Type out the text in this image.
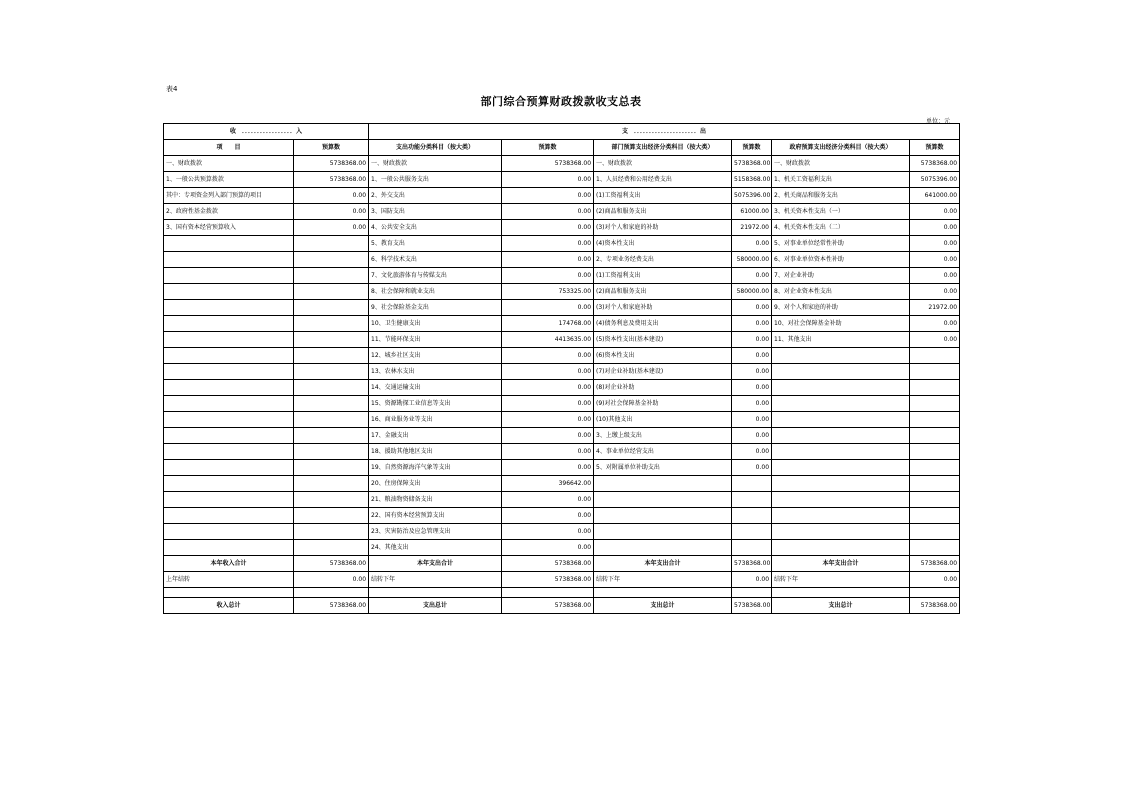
表4
部门综合预算财政拨款收支总表
单位：元
收　．．．．．．．．．．．．．．．．．入		支　．．．．．．．．．．．．．．．．．．．．．出					
项　　目	预算数	支出功能分类科目（按大类）	预算数	部门预算支出经济分类科目（按大类）	预算数	政府预算支出经济分类科目（按大类）	预算数
一、财政拨款	5738368.00	一、财政拨款	5738368.00	一、财政拨款	5738368.00	一、财政拨款	5738368.00
1、一般公共预算拨款	5738368.00	1、一般公共服务支出	0.00	1、人员经费和公用经费支出	5158368.00	1、机关工资福利支出	5075396.00
其中：专项资金列入部门预算的项目	0.00	2、外交支出	0.00	(1)工资福利支出	5075396.00	2、机关商品和服务支出	641000.00
2、政府性基金拨款	0.00	3、国防支出	0.00	(2)商品和服务支出	61000.00	3、机关资本性支出（一）	0.00
3、国有资本经营预算收入	0.00	4、公共安全支出	0.00	(3)对个人和家庭的补助	21972.00	4、机关资本性支出（二）	0.00
		5、教育支出	0.00	(4)资本性支出	0.00	5、对事业单位经常性补助	0.00
		6、科学技术支出	0.00	2、专项业务经费支出	580000.00	6、对事业单位资本性补助	0.00
		7、文化旅游体育与传媒支出	0.00	(1)工资福利支出	0.00	7、对企业补助	0.00
		8、社会保障和就业支出	753325.00	(2)商品和服务支出	580000.00	8、对企业资本性支出	0.00
		9、社会保险基金支出	0.00	(3)对个人和家庭补助	0.00	9、对个人和家庭的补助	21972.00
		10、卫生健康支出	174768.00	(4)债务利息及费用支出	0.00	10、对社会保障基金补助	0.00
		11、节能环保支出	4413635.00	(5)资本性支出(基本建设)	0.00	11、其他支出	0.00
		12、城乡社区支出	0.00	(6)资本性支出	0.00		
		13、农林水支出	0.00	(7)对企业补助(基本建设)	0.00		
		14、交通运输支出	0.00	(8)对企业补助	0.00		
		15、资源勘探工业信息等支出	0.00	(9)对社会保障基金补助	0.00		
		16、商业服务业等支出	0.00	(10)其他支出	0.00		
		17、金融支出	0.00	3、上缴上级支出	0.00		
		18、援助其他地区支出	0.00	4、事业单位经营支出	0.00		
		19、自然资源海洋气象等支出	0.00	5、对附属单位补助支出	0.00		
		20、住房保障支出	396642.00				
		21、粮油物资储备支出	0.00				
		22、国有资本经营预算支出	0.00				
		23、灾害防治及应急管理支出	0.00				
		24、其他支出	0.00				
本年收入合计	5738368.00	本年支出合计	5738368.00	本年支出合计	5738368.00	本年支出合计	5738368.00
上年结转	0.00	结转下年	5738368.00	结转下年	0.00	结转下年	0.00

收入总计	5738368.00	支出总计	5738368.00	支出总计	5738368.00	支出总计	5738368.00
